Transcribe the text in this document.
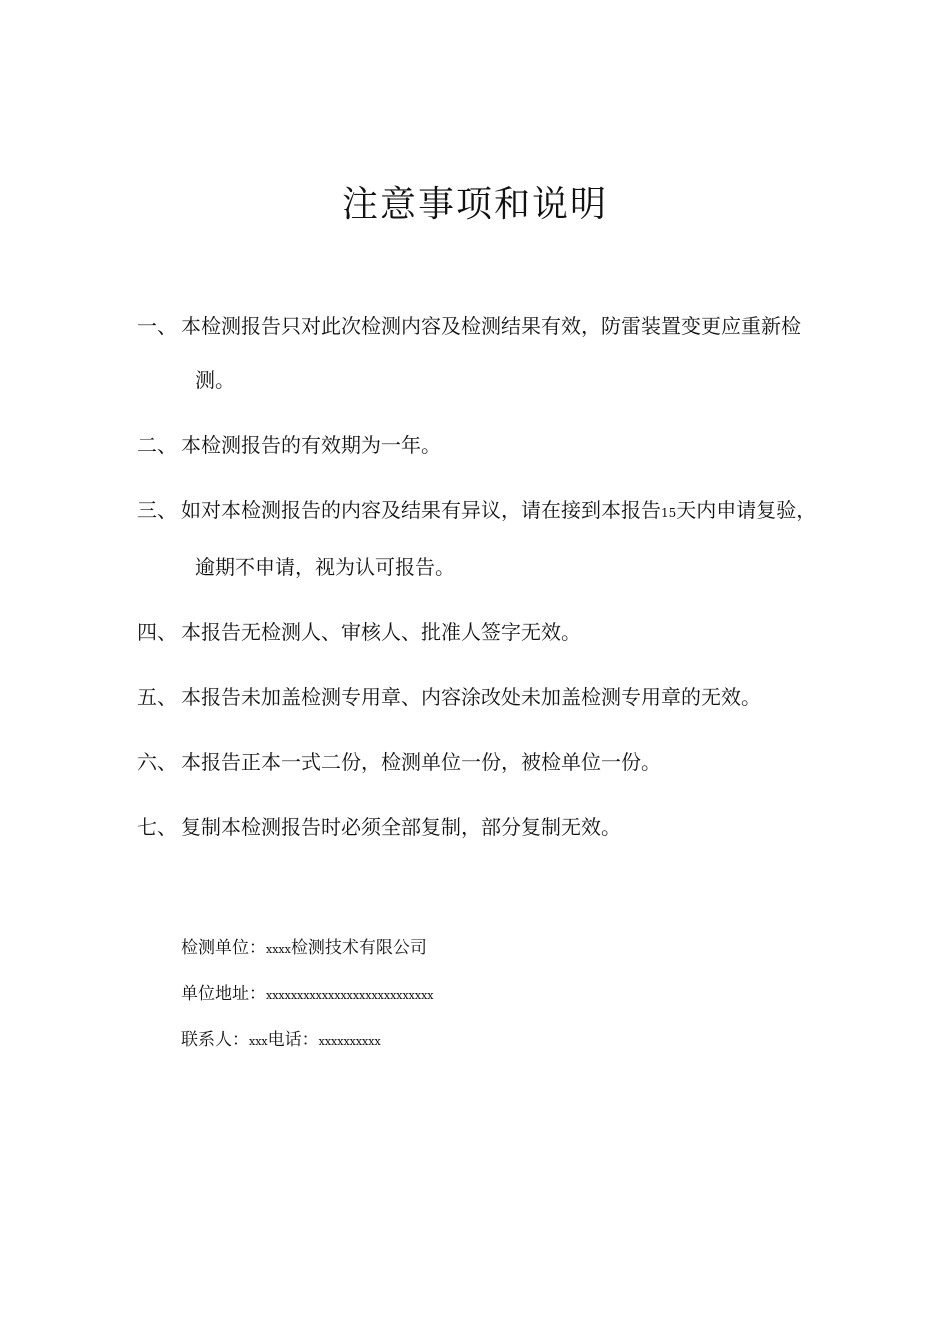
注意事项和说明
一、 本检测报告只对此次检测内容及检测结果有效，防雷装置变更应重新检
测。
二、 本检测报告的有效期为一年。
三、 如对本检测报告的内容及结果有异议，请在接到本报告15天内申请复验，
逾期不申请，视为认可报告。
四、 本报告无检测人、审核人、批准人签字无效。
五、 本报告未加盖检测专用章、内容涂改处未加盖检测专用章的无效。
六、 本报告正本一式二份，检测单位一份，被检单位一份。
七、 复制本检测报告时必须全部复制，部分复制无效。
检测单位：xxxx检测技术有限公司
单位地址：xxxxxxxxxxxxxxxxxxxxxxxxxxx
联系人：xxx电话：xxxxxxxxxx
